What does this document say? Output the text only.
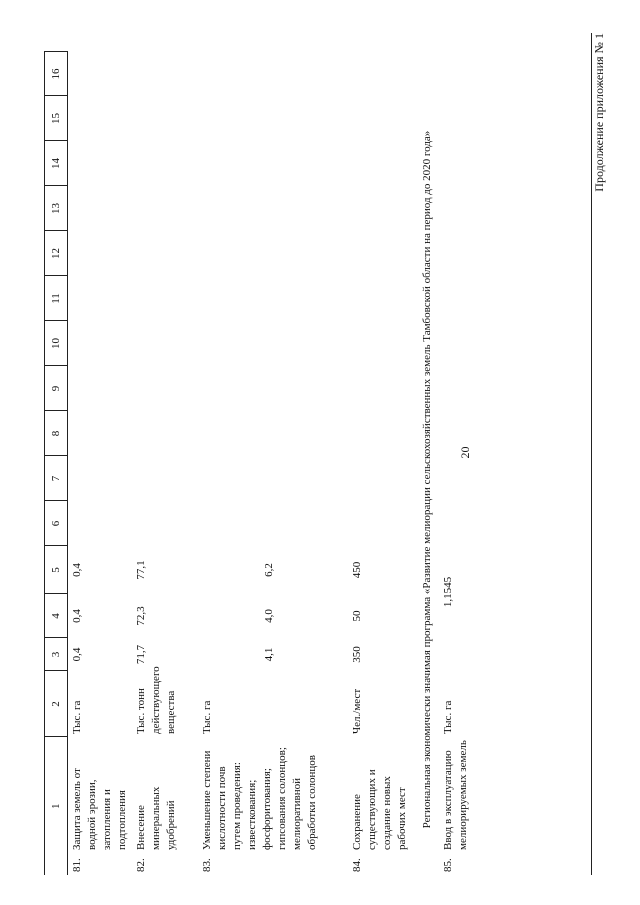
1		2	3	4	5	6	7	8	9	10	11	12	13	14	15	16
81.	Защита земель от водной эрозии, затопления и подтопления	Тыс. га	0,4	0,4	0,4											
82.	Внесение минеральных удобрений	Тыс. тонн действующего вещества	71,7	72,3	77,1											
83.	Уменьшение степени кислотности почв путем проведения: известкования; фосфоритования; гипсования солонцов; мелиоративной обработки солонцов	Тыс. га	4,1	4,0	6,2											
84.	Сохранение существующих и создание новых рабочих мест	Чел./мест	350	50	450											
Региональная экономически значимая программа «Развитие мелиорации сельскохозяйственных земель Тамбовской области на период до 2020 года»																
85.	Ввод в эксплуатацию мелиорируемых земель	Тыс. га		1,1545												
20
Продолжение приложения № 1
